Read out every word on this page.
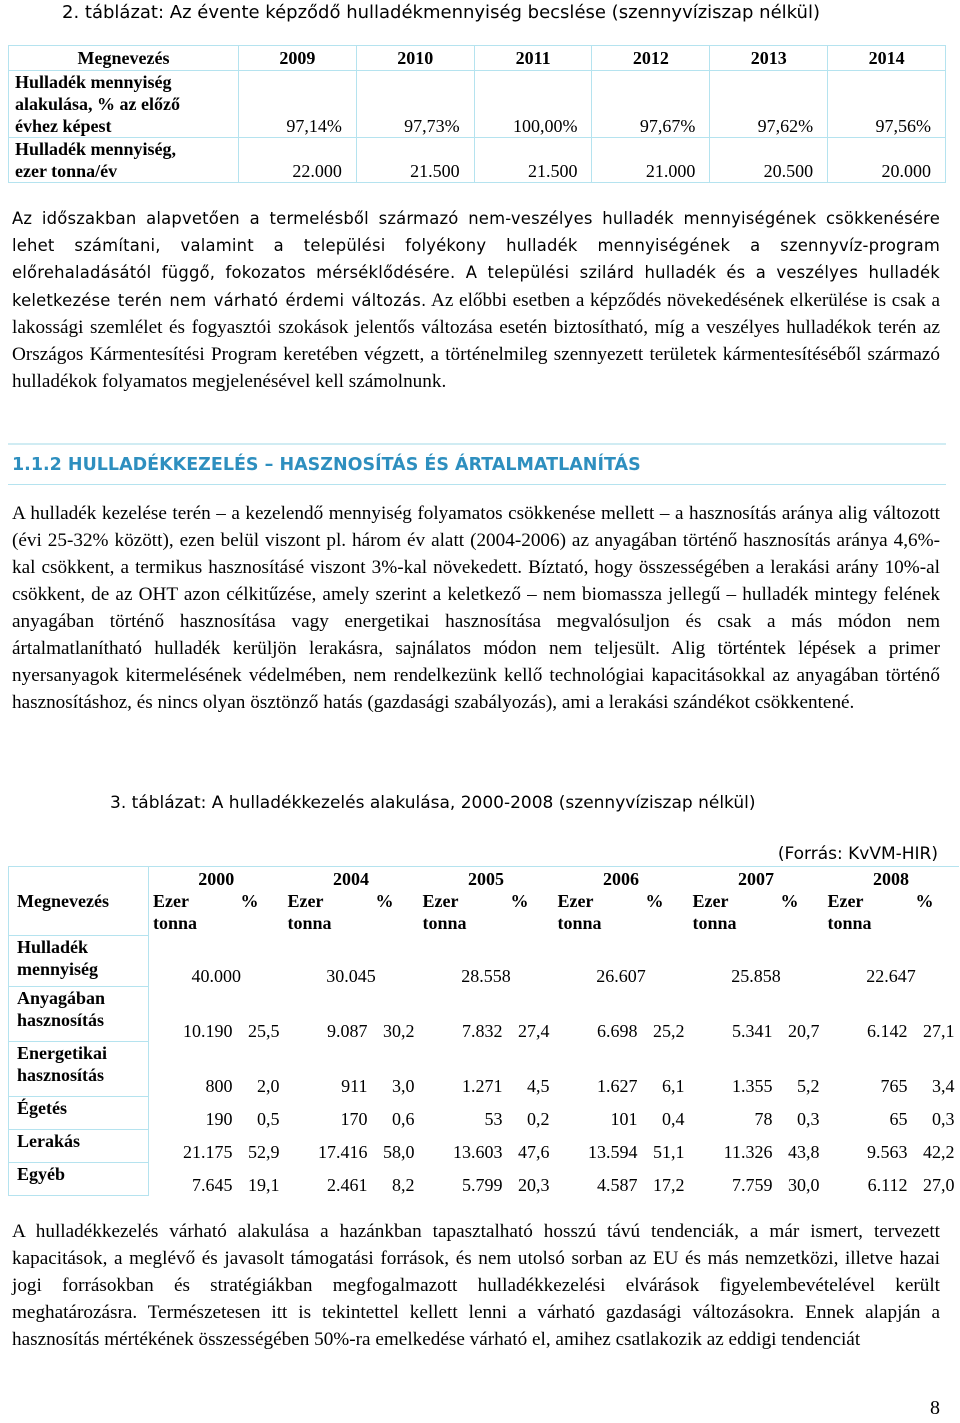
2. táblázat: Az évente képződő hulladékmennyiség becslése (szennyvíziszap nélkül)
Megnevezés	2009	2010	2011	2012	2013	2014

Hulladék mennyiség
alakulása, % az előző
évhez képest	97,14%	97,73%	100,00%	97,67%	97,62%	97,56%

Hulladék mennyiség,
ezer tonna/év	22.000	21.500	21.500	21.000	20.500	20.000

Az időszakban alapvetően a termelésből származó nem-veszélyes hulladék mennyiségének csökkenésére lehet számítani, valamint a települési folyékony hulladék mennyiségének a szennyvíz-program előrehaladásától függő, fokozatos mérséklődésére. A települési szilárd hulladék és a veszélyes hulladék keletkezése terén nem várható érdemi változás. Az előbbi esetben a képződés növekedésének elkerülése is csak a lakossági szemlélet és fogyasztói szokások jelentős változása esetén biztosítható, míg a veszélyes hulladékok terén az Országos Kármentesítési Program keretében végzett, a történelmileg szennyezett területek kármentesítéséből származó hulladékok folyamatos megjelenésével kell számolnunk.

1.1.2 HULLADÉKKEZELÉS – HASZNOSÍTÁS ÉS ÁRTALMATLANÍTÁS

A hulladék kezelése terén – a kezelendő mennyiség folyamatos csökkenése mellett – a hasznosítás aránya alig változott (évi 25-32% között), ezen belül viszont pl. három év alatt (2004-2006) az anyagában történő hasznosítás aránya 4,6%-kal csökkent, a termikus hasznosításé viszont 3%-kal növekedett. Bíztató, hogy összességében a lerakási arány 10%-al csökkent, de az OHT azon célkitűzése, amely szerint a keletkező – nem biomassza jellegű – hulladék mintegy felének anyagában történő hasznosítása vagy energetikai hasznosítása megvalósuljon és csak a más módon nem ártalmatlanítható hulladék kerüljön lerakásra, sajnálatos módon nem teljesült. Alig történtek lépések a primer nyersanyagok kitermelésének védelmében, nem rendelkezünk kellő technológiai kapacitásokkal az anyagában történő hasznosításhoz, és nincs olyan ösztönző hatás (gazdasági szabályozás), ami a lerakási szándékot csökkentené.

3. táblázat: A hulladékkezelés alakulása, 2000-2008 (szennyvíziszap nélkül)
(Forrás: KvVM-HIR)
Megnevezés	2000		2004		2005		2006		2007		2008	
	Ezer tonna	%	Ezer tonna	%	Ezer tonna	%	Ezer tonna	%	Ezer tonna	%	Ezer tonna	%
Hulladék mennyiség	40.000		30.045		28.558		26.607		25.858		22.647	
Anyagában hasznosítás	10.190	25,5	9.087	30,2	7.832	27,4	6.698	25,2	5.341	20,7	6.142	27,1
Energetikai hasznosítás	800	2,0	911	3,0	1.271	4,5	1.627	6,1	1.355	5,2	765	3,4
Égetés	190	0,5	170	0,6	53	0,2	101	0,4	78	0,3	65	0,3
Lerakás	21.175	52,9	17.416	58,0	13.603	47,6	13.594	51,1	11.326	43,8	9.563	42,2
Egyéb	7.645	19,1	2.461	8,2	5.799	20,3	4.587	17,2	7.759	30,0	6.112	27,0

A hulladékkezelés várható alakulása a hazánkban tapasztalható hosszú távú tendenciák, a már ismert, tervezett kapacitások, a meglévő és javasolt támogatási források, és nem utolsó sorban az EU és más nemzetközi, illetve hazai jogi forrásokban és stratégiákban megfogalmazott hulladékkezelési elvárások figyelembevételével került meghatározásra. Természetesen itt is tekintettel kellett lenni a várható gazdasági változásokra. Ennek alapján a hasznosítás mértékének összességében 50%-ra emelkedése várható el, amihez csatlakozik az eddigi tendenciát

8
